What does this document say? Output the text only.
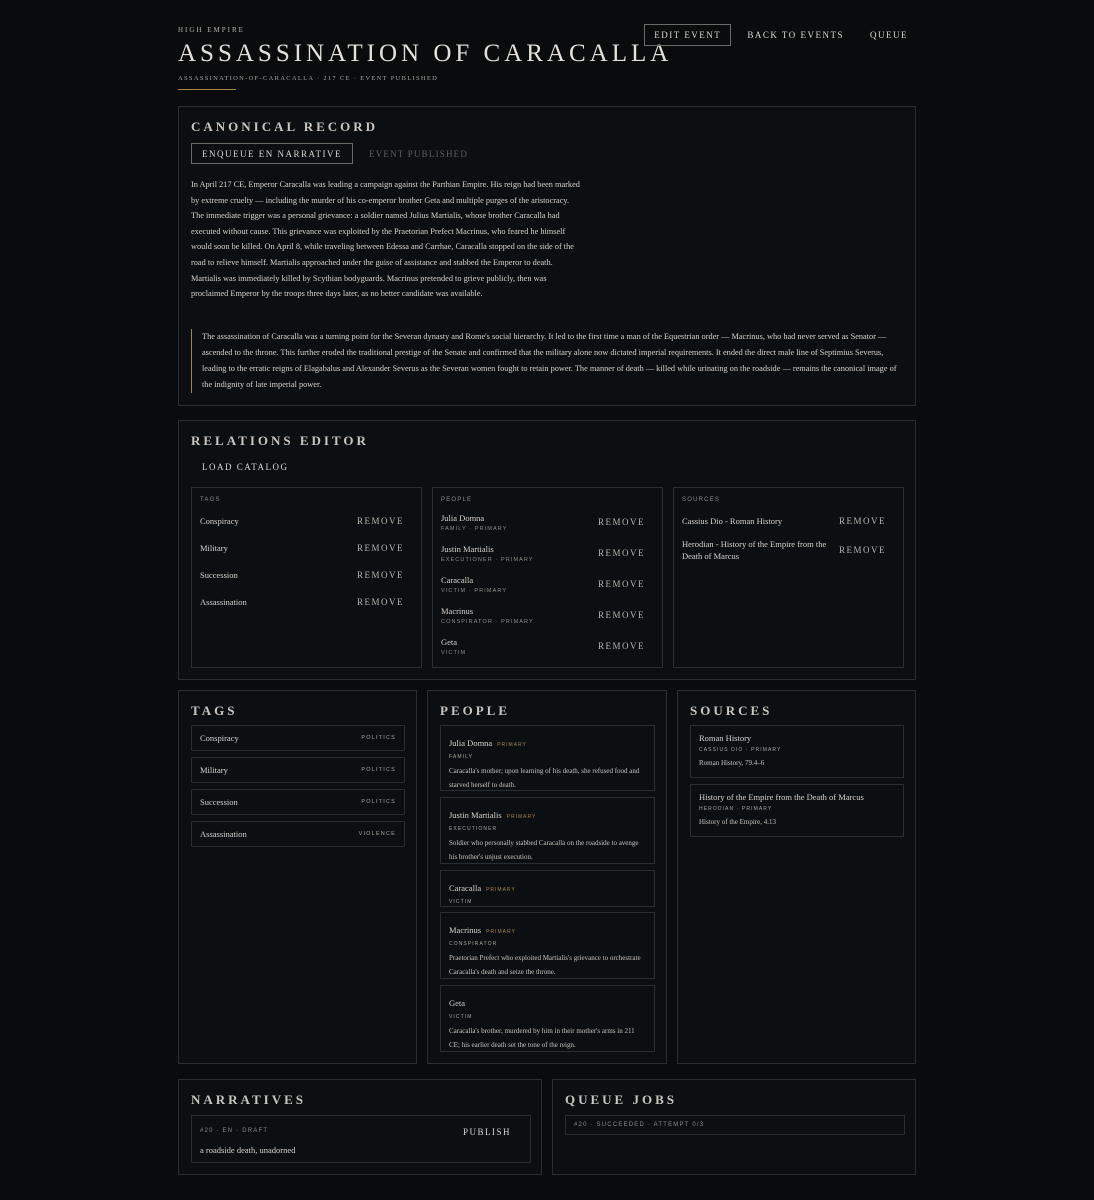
HIGH EMPIRE
ASSASSINATION OF CARACALLA
ASSASSINATION-OF-CARACALLA · 217 CE · EVENT PUBLISHED
EDIT EVENT	BACK TO EVENTS	QUEUE
CANONICAL RECORD
ENQUEUE EN NARRATIVE	EVENT PUBLISHED

In April 217 CE, Emperor Caracalla was leading a campaign against the Parthian Empire. His reign had been marked by extreme cruelty — including the murder of his co-emperor brother Geta and multiple purges of the aristocracy. The immediate trigger was a personal grievance: a soldier named Julius Martialis, whose brother Caracalla had executed without cause. This grievance was exploited by the Praetorian Prefect Macrinus, who feared he himself would soon be killed. On April 8, while traveling between Edessa and Carrhae, Caracalla stopped on the side of the road to relieve himself. Martialis approached under the guise of assistance and stabbed the Emperor to death. Martialis was immediately killed by Scythian bodyguards. Macrinus pretended to grieve publicly, then was proclaimed Emperor by the troops three days later, as no better candidate was available.

The assassination of Caracalla was a turning point for the Severan dynasty and Rome's social hierarchy. It led to the first time a man of the Equestrian order — Macrinus, who had never served as Senator — ascended to the throne. This further eroded the traditional prestige of the Senate and confirmed that the military alone now dictated imperial requirements. It ended the direct male line of Septimius Severus, leading to the erratic reigns of Elagabalus and Alexander Severus as the Severan women fought to retain power. The manner of death — killed while urinating on the roadside — remains the canonical image of the indignity of late imperial power.
RELATIONS EDITOR
LOAD CATALOG
TAGS
Conspiracy	REMOVE
Military	REMOVE
Succession	REMOVE
Assassination	REMOVE
PEOPLE
Julia Domna
FAMILY · PRIMARY
REMOVE
Justin Martialis
EXECUTIONER · PRIMARY
REMOVE
Caracalla
VICTIM · PRIMARY
REMOVE
Macrinus
CONSPIRATOR · PRIMARY
REMOVE
Geta
VICTIM
REMOVE
SOURCES
Cassius Dio - Roman History	REMOVE
Herodian - History of the Empire from the Death of Marcus
REMOVE
TAGS
Conspiracy	POLITICS
Military	POLITICS
Succession	POLITICS
Assassination	VIOLENCE
PEOPLE
Julia Domna PRIMARY
FAMILY
Caracalla's mother; upon learning of his death, she refused food and starved herself to death.
Justin Martialis PRIMARY
EXECUTIONER
Soldier who personally stabbed Caracalla on the roadside to avenge his brother's unjust execution.
Caracalla PRIMARY
VICTIM
Macrinus PRIMARY
CONSPIRATOR
Praetorian Prefect who exploited Martialis's grievance to orchestrate Caracalla's death and seize the throne.
Geta
VICTIM
Caracalla's brother, murdered by him in their mother's arms in 211 CE; his earlier death set the tone of the reign.
SOURCES
Roman History
CASSIUS DIO · PRIMARY
Roman History, 79.4–6
History of the Empire from the Death of Marcus
HERODIAN · PRIMARY
History of the Empire, 4.13
NARRATIVES
#20 · EN · DRAFT
a roadside death, unadorned
PUBLISH
QUEUE JOBS
#20 · SUCCEEDED · ATTEMPT 0/3
